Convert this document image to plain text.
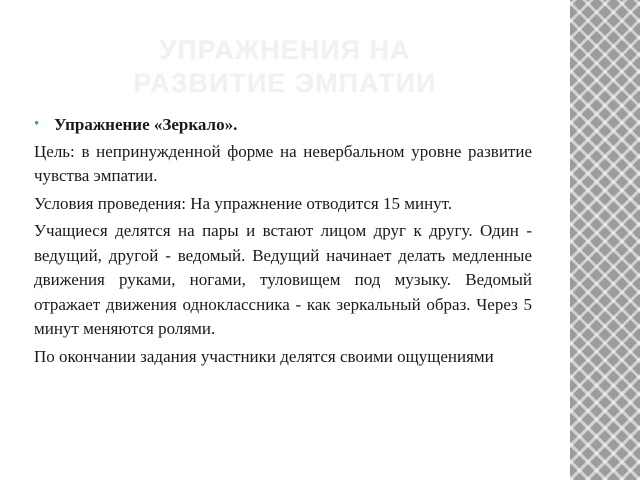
УПРАЖНЕНИЯ НА
РАЗВИТИЕ ЭМПАТИИ
• Упражнение «Зеркало».

Цель: в непринужденной форме на невербальном уровне развитие чувства эмпатии.

Условия проведения: На упражнение отводится 15 минут.

Учащиеся делятся на пары и встают лицом друг к другу. Один - ведущий, другой - ведомый. Ведущий начинает делать медленные движения руками, ногами, туловищем под музыку. Ведомый отражает движения одноклассника - как зеркальный образ. Через 5 минут меняются ролями.

По окончании задания участники делятся своими ощущениями
